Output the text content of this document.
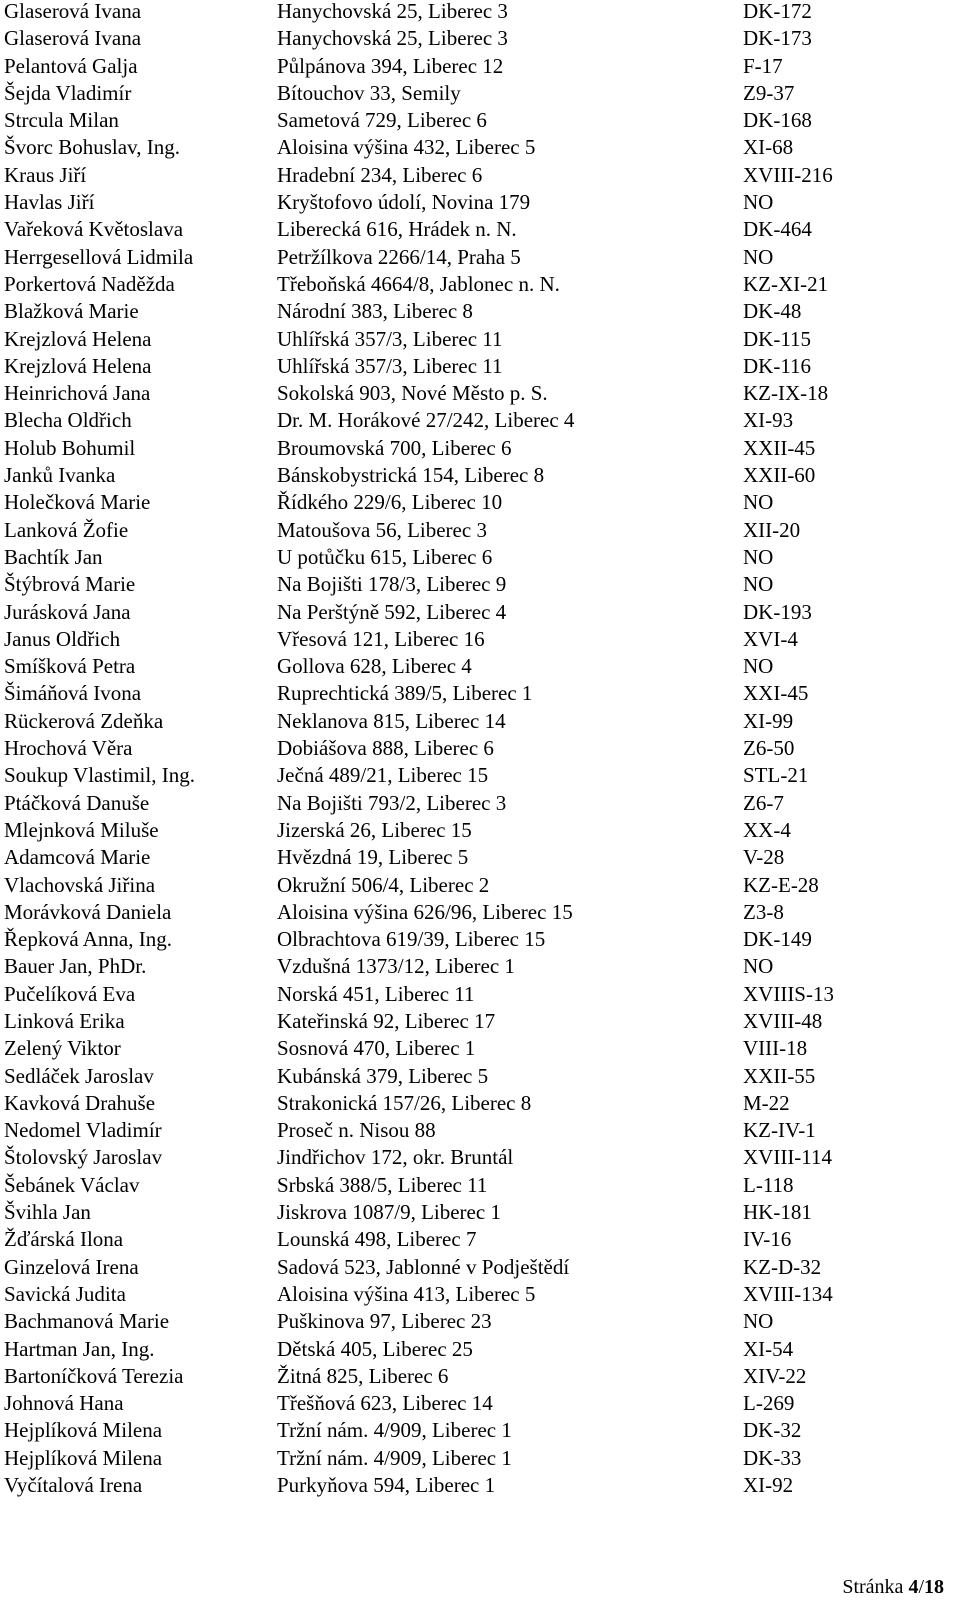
Glaserová Ivana	Hanychovská 25, Liberec 3	DK-172
Glaserová Ivana	Hanychovská 25, Liberec 3	DK-173
Pelantová Galja	Půlpánova 394, Liberec 12	F-17
Šejda Vladimír	Bítouchov 33, Semily	Z9-37
Strcula Milan	Sametová 729, Liberec 6	DK-168
Švorc Bohuslav, Ing.	Aloisina výšina 432, Liberec 5	XI-68
Kraus Jiří	Hradební 234, Liberec 6	XVIII-216
Havlas Jiří	Kryštofovo údolí, Novina 179	NO
Vařeková Květoslava	Liberecká 616, Hrádek n. N.	DK-464
Herrgesellová Lidmila	Petržílkova 2266/14, Praha 5	NO
Porkertová Naděžda	Třeboňská 4664/8, Jablonec n. N.	KZ-XI-21
Blažková Marie	Národní 383, Liberec 8	DK-48
Krejzlová Helena	Uhlířská 357/3, Liberec 11	DK-115
Krejzlová Helena	Uhlířská 357/3, Liberec 11	DK-116
Heinrichová Jana	Sokolská 903, Nové Město p. S.	KZ-IX-18
Blecha Oldřich	Dr. M. Horákové 27/242, Liberec 4	XI-93
Holub Bohumil	Broumovská 700, Liberec 6	XXII-45
Janků Ivanka	Bánskobystrická 154, Liberec 8	XXII-60
Holečková Marie	Řídkého 229/6, Liberec 10	NO
Lanková Žofie	Matoušova 56, Liberec 3	XII-20
Bachtík Jan	U potůčku 615, Liberec 6	NO
Štýbrová Marie	Na Bojišti 178/3, Liberec 9	NO
Jurásková Jana	Na Perštýně 592, Liberec 4	DK-193
Janus Oldřich	Vřesová 121, Liberec 16	XVI-4
Smíšková Petra	Gollova 628, Liberec 4	NO
Šimáňová Ivona	Ruprechtická 389/5, Liberec 1	XXI-45
Rückerová Zdeňka	Neklanova 815, Liberec 14	XI-99
Hrochová Věra	Dobiášova 888, Liberec 6	Z6-50
Soukup Vlastimil, Ing.	Ječná 489/21, Liberec 15	STL-21
Ptáčková Danuše	Na Bojišti 793/2, Liberec 3	Z6-7
Mlejnková Miluše	Jizerská 26, Liberec 15	XX-4
Adamcová Marie	Hvězdná 19, Liberec 5	V-28
Vlachovská Jiřina	Okružní 506/4, Liberec 2	KZ-E-28
Morávková Daniela	Aloisina výšina 626/96, Liberec 15	Z3-8
Řepková Anna, Ing.	Olbrachtova 619/39, Liberec 15	DK-149
Bauer Jan, PhDr.	Vzdušná 1373/12, Liberec 1	NO
Pučelíková Eva	Norská 451, Liberec 11	XVIIIS-13
Linková Erika	Kateřinská 92, Liberec 17	XVIII-48
Zelený Viktor	Sosnová 470, Liberec 1	VIII-18
Sedláček Jaroslav	Kubánská 379, Liberec 5	XXII-55
Kavková Drahuše	Strakonická 157/26, Liberec 8	M-22
Nedomel Vladimír	Proseč n. Nisou 88	KZ-IV-1
Štolovský Jaroslav	Jindřichov 172, okr. Bruntál	XVIII-114
Šebánek Václav	Srbská 388/5, Liberec 11	L-118
Švihla Jan	Jiskrova 1087/9, Liberec 1	HK-181
Žďárská Ilona	Lounská 498, Liberec 7	IV-16
Ginzelová Irena	Sadová 523, Jablonné v Podještědí	KZ-D-32
Savická Judita	Aloisina výšina 413, Liberec 5	XVIII-134
Bachmanová Marie	Puškinova 97, Liberec 23	NO
Hartman Jan, Ing.	Dětská 405, Liberec 25	XI-54
Bartoníčková Terezia	Žitná 825, Liberec 6	XIV-22
Johnová Hana	Třešňová 623, Liberec 14	L-269
Hejplíková Milena	Tržní nám. 4/909, Liberec 1	DK-32
Hejplíková Milena	Tržní nám. 4/909, Liberec 1	DK-33
Vyčítalová Irena	Purkyňova 594, Liberec 1	XI-92
Stránka 4/18
